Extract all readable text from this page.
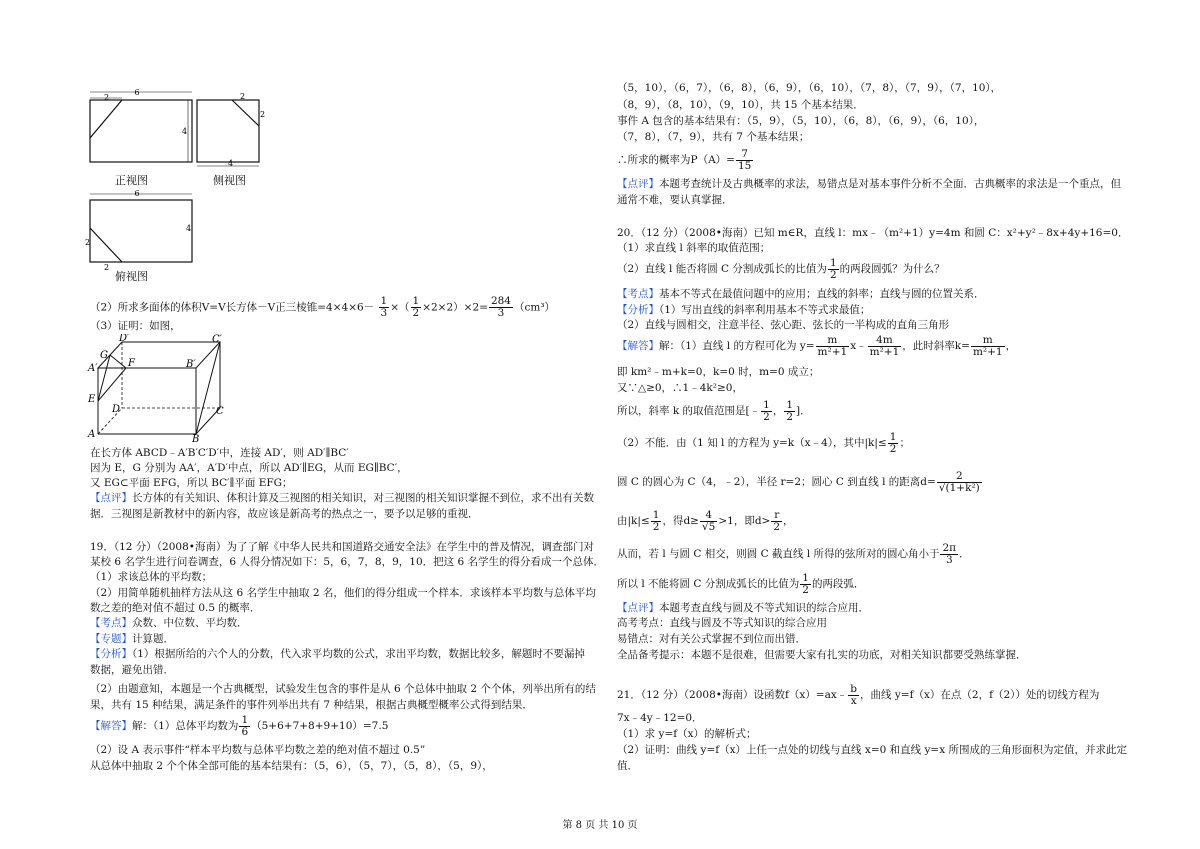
6
2
4
2
2
4
6
2
2
4
正视图	侧视图
俯视图
（2）所求多面体的体积V=V长方体－V正三棱锥$=4\times 4\times 6- \frac{1}{3}$ ×（ $\frac{1}{2} \times 2\times 2)\times 2= \frac{284}{3} (cm^3)$
（3）证明：如图，
D′	C′
G
F
A′	B′
E
D	C
A	B
在长方体 ABCD﹣A′B′C′D′中，连接 AD′，则 AD′∥BC′
因为 E，G 分别为 AA′，A′D′中点，所以 AD′∥EG，从而 EG∥BC′，
又 EG⊂平面 EFG，所以 BC′∥平面 EFG；
【点评】长方体的有关知识、体积计算及三视图的相关知识，对三视图的相关知识掌握不到位，求不出有关数
据．三视图是新教材中的新内容，故应该是新高考的热点之一，要予以足够的重视．
19．（12 分）（2008•海南）为了了解《中华人民共和国道路交通安全法》在学生中的普及情况，调查部门对
某校 6 名学生进行问卷调查，6 人得分情况如下：5，6，7，8，9，10．把这 6 名学生的得分看成一个总体．
（1）求该总体的平均数；
（2）用简单随机抽样方法从这 6 名学生中抽取 2 名，他们的得分组成一个样本．求该样本平均数与总体平均
数之差的绝对值不超过 0.5 的概率．
【考点】众数、中位数、平均数．
【专题】计算题．
【分析】（1）根据所给的六个人的分数，代入求平均数的公式，求出平均数，数据比较多，解题时不要漏掉
数据，避免出错．
（2）由题意知，本题是一个古典概型，试验发生包含的事件是从 6 个总体中抽取 2 个个体，列举出所有的结
果，共有 15 种结果，满足条件的事件列举出共有 7 种结果，根据古典概型概率公式得到结果．
【解答】解：（1）总体平均数为 $\frac{1}{6} (5+6+7+8+9+10)=7.5$
（2）设 A 表示事件“样本平均数与总体平均数之差的绝对值不超过 0.5”
从总体中抽取 2 个个体全部可能的基本结果有：（5，6），（5，7），（5，8），（5，9），
（5，10），（6，7），（6，8），（6，9），（6，10），（7，8），（7，9），（7，10），
（8，9），（8，10），（9，10），共 15 个基本结果．
事件 A 包含的基本结果有：（5，9），（5，10），（6，8），（6，9），（6，10），
（7，8），（7，9），共有 7 个基本结果；
∴所求的概率为$P(A)= \frac{7}{15}$
【点评】本题考查统计及古典概率的求法，易错点是对基本事件分析不全面．古典概率的求法是一个重点，但
通常不难，要认真掌握．
20．（12 分）（2008•海南）已知 m∈R，直线 l：mx﹣（m²+1）y=4m 和圆 C：x²+y²﹣8x+4y+16=0．
（1）求直线 l 斜率的取值范围；
（2）直线 l 能否将圆 C 分割成弧长的比值为 $\frac{1}{2}$ 的两段圆弧？为什么？
【考点】基本不等式在最值问题中的应用；直线的斜率；直线与圆的位置关系．
【分析】（1）写出直线的斜率利用基本不等式求最值；
（2）直线与圆相交，注意半径、弦心距、弦长的一半构成的直角三角形
【解答】解：（1）直线 l 的方程可化为 $y= \frac{m}{\text{m²+1}}$ x﹣ $\frac{4m}{\text{m²+1}}$ ，此时斜率$k= \frac{m}{\text{m²+1}}$ ，
即 km²﹣m+k=0，k=0 时，m=0 成立；
又∵△≥0，∴1﹣4k²≥0，
所以，斜率 k 的取值范围是[﹣ $\frac{1}{2}$ ， $\frac{1}{2}$ ]．
（2）不能．由（1 知 l 的方程为 y=k（x﹣4），其中$|k|\le \frac{1}{2}$ ；
圆 C 的圆心为 C（4，﹣2），半径 r=2；圆心 C 到直线 l 的距离$d= \frac{2}{\text{√(1+k²)}}$
由$|k|\le \frac{1}{2}$ ，得$d\ge \frac{4}{√5} >1$，即$d> \frac{r}{2}$ ，
从而，若 l 与圆 C 相交，则圆 C 截直线 l 所得的弦所对的圆心角小于 $\frac{2\pi}{3}$ ．
所以 l 不能将圆 C 分割成弧长的比值为 $\frac{1}{2}$ 的两段弧．
【点评】本题考查直线与圆及不等式知识的综合应用．
高考考点：直线与圆及不等式知识的综合应用
易错点：对有关公式掌握不到位而出错．
全品备考提示：本题不是很难，但需要大家有扎实的功底，对相关知识都要受熟练掌握．
21．（12 分）（2008•海南）设函数f（x）=ax﹣ $\frac{b}{x}$ ，曲线 y=f（x）在点（2，f（2））处的切线方程为
7x﹣4y﹣12=0．
（1）求 y=f（x）的解析式；
（2）证明：曲线 y=f（x）上任一点处的切线与直线 x=0 和直线 y=x 所围成的三角形面积为定值，并求此定
值．
第 8 页 共 10 页
